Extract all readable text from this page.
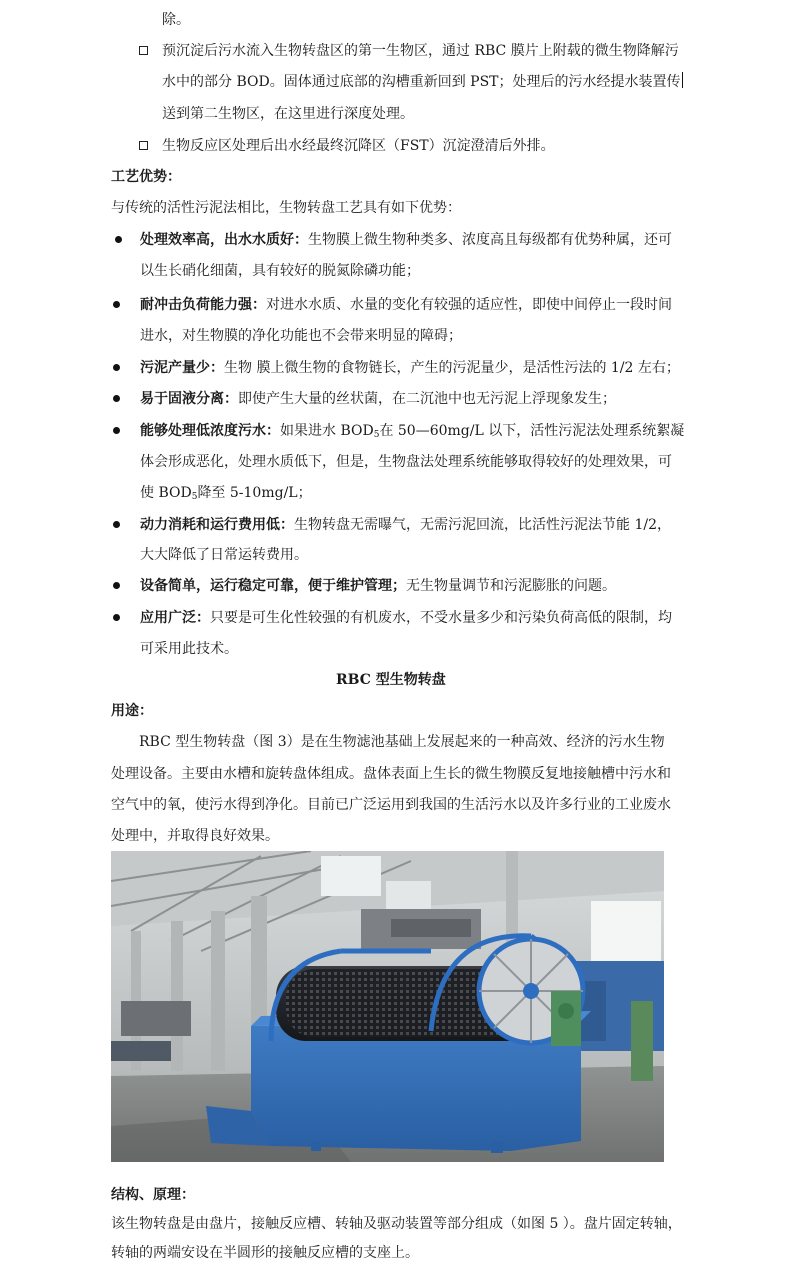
除。
预沉淀后污水流入生物转盘区的第一生物区，通过 RBC 膜片上附载的微生物降解污
水中的部分 BOD。固体通过底部的沟槽重新回到 PST；处理后的污水经提水装置传
送到第二生物区，在这里进行深度处理。
生物反应区处理后出水经最终沉降区（FST）沉淀澄清后外排。
工艺优势：
与传统的活性污泥法相比，生物转盘工艺具有如下优势：
处理效率高，出水水质好：生物膜上微生物种类多、浓度高且每级都有优势种属，还可
以生长硝化细菌，具有较好的脱氮除磷功能；
耐冲击负荷能力强：对进水水质、水量的变化有较强的适应性，即使中间停止一段时间
进水，对生物膜的净化功能也不会带来明显的障碍；
污泥产量少：生物 膜上微生物的食物链长，产生的污泥量少，是活性污法的 1/2 左右；
易于固液分离：即使产生大量的丝状菌，在二沉池中也无污泥上浮现象发生；
能够处理低浓度污水：如果进水 $BOD_5$在 50—60mg/L 以下，活性污泥法处理系统絮凝
体会形成恶化，处理水质低下，但是，生物盘法处理系统能够取得较好的处理效果，可
使 $BOD_5$降至 5-10mg/L；
动力消耗和运行费用低：生物转盘无需曝气，无需污泥回流，比活性污泥法节能 1/2，
大大降低了日常运转费用。
设备简单，运行稳定可靠，便于维护管理；无生物量调节和污泥膨胀的问题。
应用广泛：只要是可生化性较强的有机废水，不受水量多少和污染负荷高低的限制，均
可采用此技术。
RBC 型生物转盘
用途：
RBC 型生物转盘（图 3）是在生物滤池基础上发展起来的一种高效、经济的污水生物
处理设备。主要由水槽和旋转盘体组成。盘体表面上生长的微生物膜反复地接触槽中污水和
空气中的氧，使污水得到净化。目前已广泛运用到我国的生活污水以及许多行业的工业废水
处理中，并取得良好效果。
结构、原理：
该生物转盘是由盘片，接触反应槽、转轴及驱动装置等部分组成（如图 5 ）。盘片固定转轴，
转轴的两端安设在半圆形的接触反应槽的支座上。
